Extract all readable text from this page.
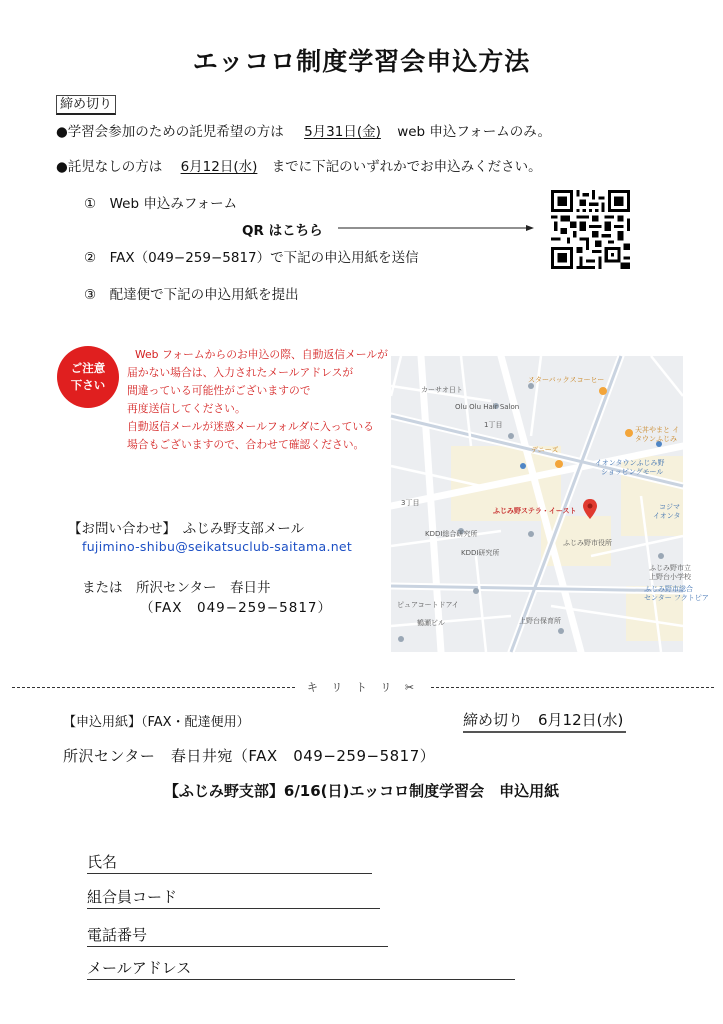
エッコロ制度学習会申込方法
締め切り
●学習会参加のための託児希望の方は 5月31日(金) web 申込フォームのみ。
●託児なしの方は 6月12日(水) までに下記のいずれかでお申込みください。
①　Web 申込みフォーム
QR はこちら
②　FAX（049−259−5817）で下記の申込用紙を送信
③　配達便で下記の申込用紙を提出
ご注意
下さい
Web フォームからのお申込の際、自動返信メールが
届かない場合は、入力されたメールアドレスが
間違っている可能性がございますので
再度送信してください。
自動返信メールが迷惑メールフォルダに入っている
場合もございますので、合わせて確認ください。
【お問い合わせ】　ふじみ野支部メール
fujimino-shibu@seikatsuclub-saitama.net
または　所沢センター　春日井
（FAX　049−259−5817）
カーサオ日ト
スターバックスコーヒー
Olu Olu Hair Salon
1丁目
天丼やまと イ
タウンふじみ
デニーズ
イオンタウンふじみ野
ショッピングモール
3丁目
ふじみ野ステラ・イースト	コジマ
イオンタ
KDDI総合研究所
ふじみ野市役所
KDDI研究所
ふじみ野市立
上野台小学校
ふじみ野市総合
センター フクトピア
ピュアコートドアイ
鶴瀬ビル	上野台保育所
キ リ ト リ ✂
【申込用紙】（FAX・配達便用）	締め切り　6月12日(水)
所沢センター　春日井宛（FAX　049−259−5817）
【ふじみ野支部】6/16(日)エッコロ制度学習会　申込用紙
氏名
組合員コード
電話番号
メールアドレス
